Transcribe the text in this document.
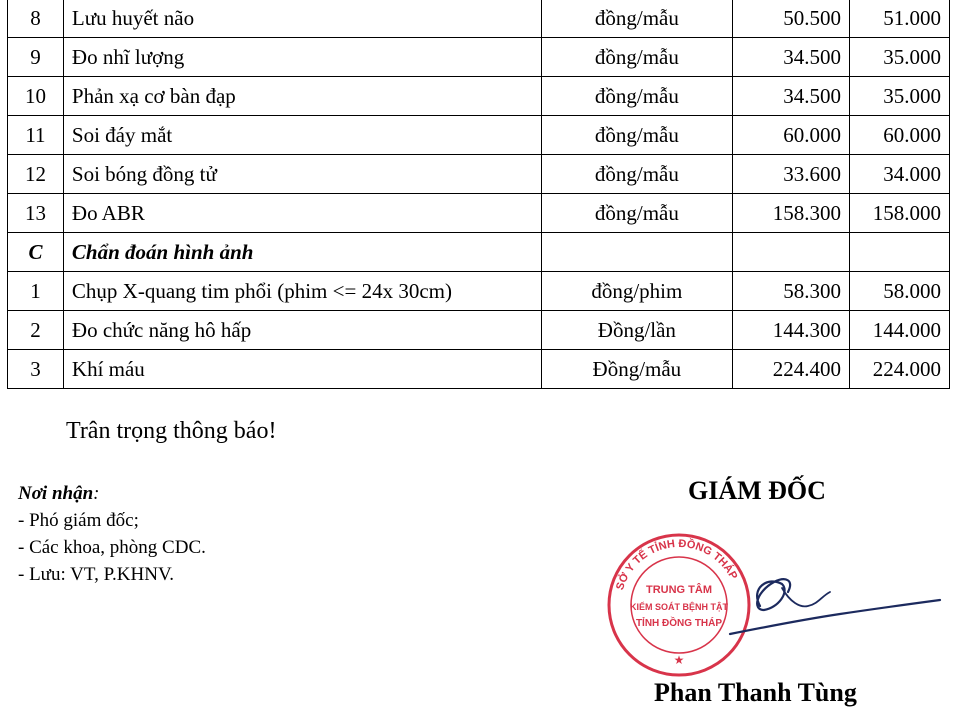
8	Lưu huyết não	đồng/mẫu	50.500	51.000
9	Đo nhĩ lượng	đồng/mẫu	34.500	35.000
10	Phản xạ cơ bàn đạp	đồng/mẫu	34.500	35.000
11	Soi đáy mắt	đồng/mẫu	60.000	60.000
12	Soi bóng đồng tử	đồng/mẫu	33.600	34.000
13	Đo ABR	đồng/mẫu	158.300	158.000
C	Chẩn đoán hình ảnh			
1	Chụp X-quang tim phổi (phim <= 24x 30cm)	đồng/phim	58.300	58.000
2	Đo chức năng hô hấp	Đồng/lần	144.300	144.000
3	Khí máu	Đồng/mẫu	224.400	224.000
Trân trọng thông báo!
Nơi nhận:
- Phó giám đốc;
- Các khoa, phòng CDC.
- Lưu: VT, P.KHNV.
GIÁM ĐỐC
SỞ Y TẾ TỈNH ĐỒNG THÁP
TRUNG TÂM
KIỂM SOÁT BỆNH TẬT
TỈNH ĐỒNG THÁP
★
Phan Thanh Tùng
